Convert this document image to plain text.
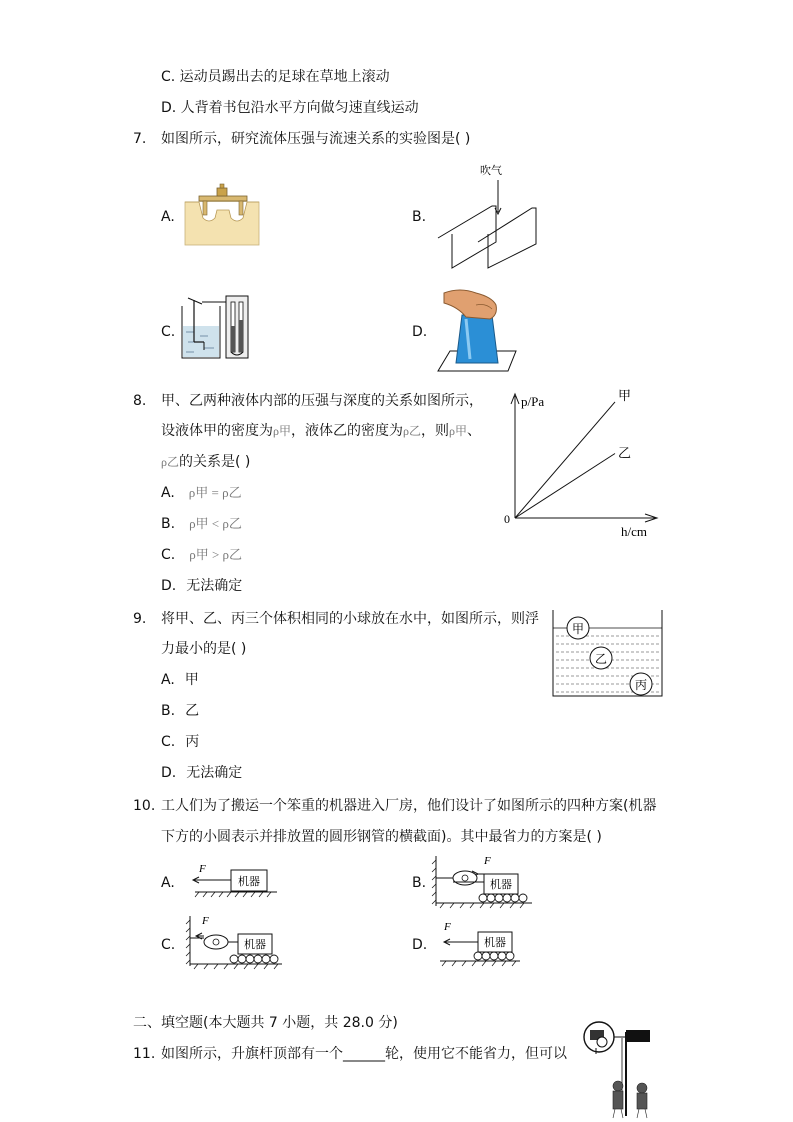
C. 运动员踢出去的足球在草地上滚动
D. 人背着书包沿水平方向做匀速直线运动
7. 如图所示，研究流体压强与流速关系的实验图是( )
A.	B.
吹气
C.	D.
8. 甲、乙两种液体内部的压强与深度的关系如图所示，
设液体甲的密度为ρ甲，液体乙的密度为ρ乙，则ρ甲、
ρ乙的关系是( )
A. ρ甲 = ρ乙
B. ρ甲 < ρ乙
C. ρ甲 > ρ乙
D. 无法确定
p/Pa
h/cm
0
甲
乙
9. 将甲、乙、丙三个体积相同的小球放在水中，如图所示，则浮
力最小的是( )
A. 甲
B. 乙
C. 丙
D. 无法确定
甲
乙
丙
10. 工人们为了搬运一个笨重的机器进入厂房，他们设计了如图所示的四种方案(机器
下方的小圆表示并排放置的圆形钢管的横截面)。其中最省力的方案是( )
A.
F
机器	B.
F
机器
C.
F
机器	D.
F
机器
二、填空题(本大题共 7 小题，共 28.0 分)
11. 如图所示，升旗杆顶部有一个______轮，使用它不能省力，但可以
